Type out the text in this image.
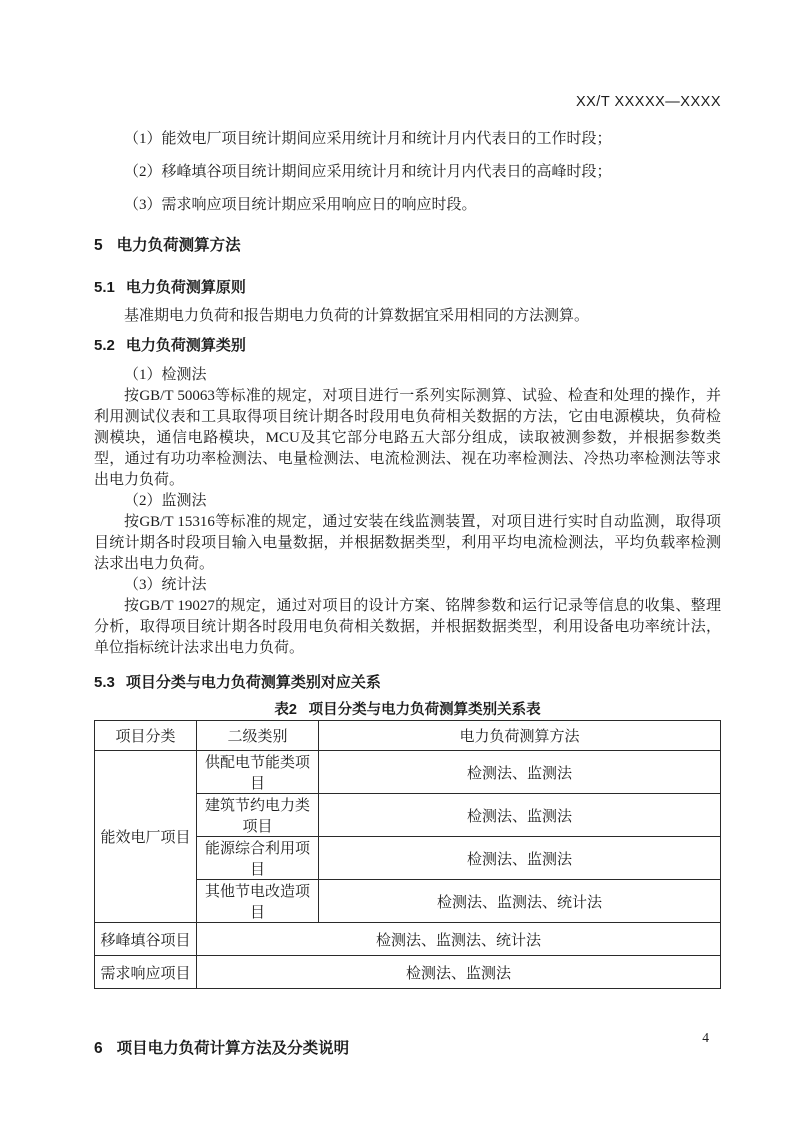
XX/T XXXXX—XXXX

（1）能效电厂项目统计期间应采用统计月和统计月内代表日的工作时段；

（2）移峰填谷项目统计期间应采用统计月和统计月内代表日的高峰时段；

（3）需求响应项目统计期应采用响应日的响应时段。

5 电力负荷测算方法
5.1 电力负荷测算原则

基准期电力负荷和报告期电力负荷的计算数据宜采用相同的方法测算。

5.2 电力负荷测算类别

（1）检测法

按GB/T 50063等标准的规定，对项目进行一系列实际测算、试验、检查和处理的操作，并利用测试仪表和工具取得项目统计期各时段用电负荷相关数据的方法，它由电源模块，负荷检测模块，通信电路模块，MCU及其它部分电路五大部分组成，读取被测参数，并根据参数类型，通过有功功率检测法、电量检测法、电流检测法、视在功率检测法、冷热功率检测法等求出电力负荷。

（2）监测法

按GB/T 15316等标准的规定，通过安装在线监测装置，对项目进行实时自动监测，取得项目统计期各时段项目输入电量数据，并根据数据类型，利用平均电流检测法，平均负载率检测法求出电力负荷。

（3）统计法

按GB/T 19027的规定，通过对项目的设计方案、铭牌参数和运行记录等信息的收集、整理分析，取得项目统计期各时段用电负荷相关数据，并根据数据类型，利用设备电功率统计法，单位指标统计法求出电力负荷。

5.3 项目分类与电力负荷测算类别对应关系

表2 项目分类与电力负荷测算类别关系表

项目分类	二级类别	电力负荷测算方法
能效电厂项目	供配电节能类项目	检测法、监测法
	建筑节约电力类项目	检测法、监测法
	能源综合利用项目	检测法、监测法
	其他节电改造项目	检测法、监测法、统计法
移峰填谷项目	检测法、监测法、统计法	
需求响应项目	检测法、监测法	
6 项目电力负荷计算方法及分类说明
4
